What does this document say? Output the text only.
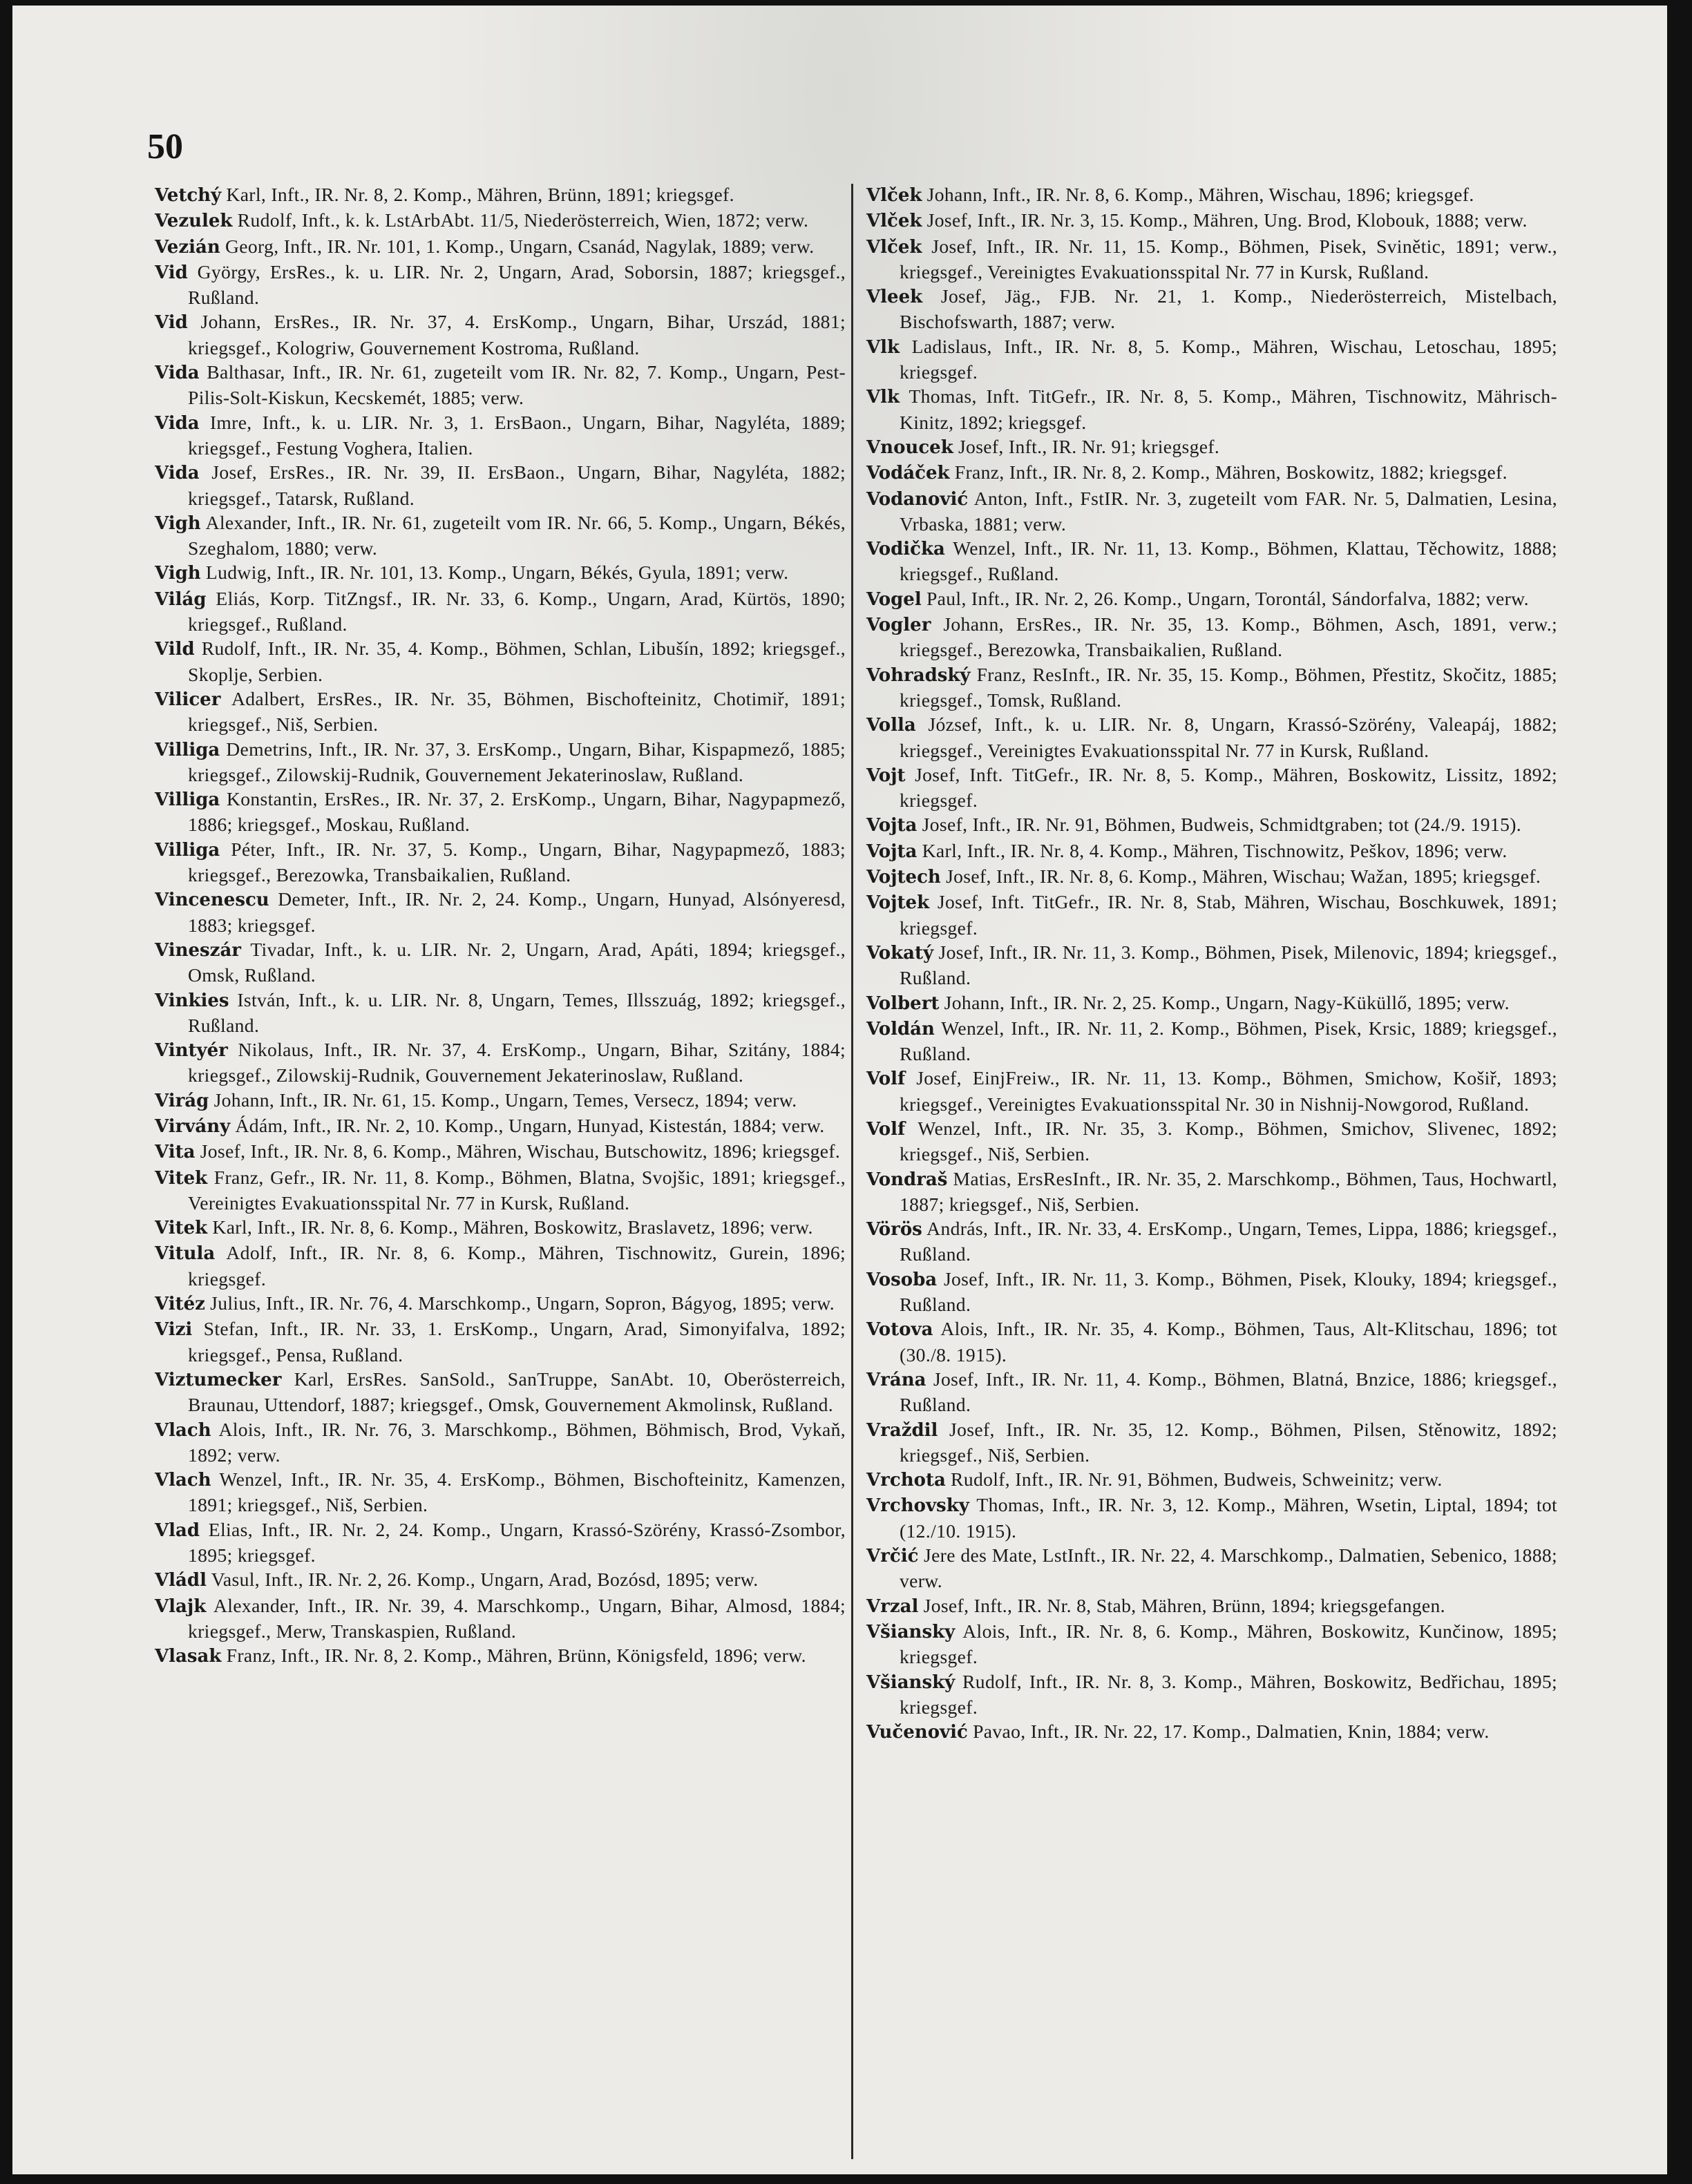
50
Vetchý Karl, Inft., IR. Nr. 8, 2. Komp., Mähren, Brünn, 1891; kriegsgef.
Vezulek Rudolf, Inft., k. k. LstArbAbt. 11/5, Niederösterreich, Wien, 1872; verw.
Vezián Georg, Inft., IR. Nr. 101, 1. Komp., Ungarn, Csanád, Nagylak, 1889; verw.
Vid György, ErsRes., k. u. LIR. Nr. 2, Ungarn, Arad, Soborsin, 1887; kriegsgef., Rußland.
Vid Johann, ErsRes., IR. Nr. 37, 4. ErsKomp., Ungarn, Bihar, Urszád, 1881; kriegsgef., Kologriw, Gouvernement Kostroma, Rußland.
Vida Balthasar, Inft., IR. Nr. 61, zugeteilt vom IR. Nr. 82, 7. Komp., Ungarn, Pest-Pilis-Solt-Kiskun, Kecskemét, 1885; verw.
Vida Imre, Inft., k. u. LIR. Nr. 3, 1. ErsBaon., Ungarn, Bihar, Nagyléta, 1889; kriegsgef., Festung Voghera, Italien.
Vida Josef, ErsRes., IR. Nr. 39, II. ErsBaon., Ungarn, Bihar, Nagyléta, 1882; kriegsgef., Tatarsk, Rußland.
Vigh Alexander, Inft., IR. Nr. 61, zugeteilt vom IR. Nr. 66, 5. Komp., Ungarn, Békés, Szeghalom, 1880; verw.
Vigh Ludwig, Inft., IR. Nr. 101, 13. Komp., Ungarn, Békés, Gyula, 1891; verw.
Világ Eliás, Korp. TitZngsf., IR. Nr. 33, 6. Komp., Ungarn, Arad, Kürtös, 1890; kriegsgef., Rußland.
Vild Rudolf, Inft., IR. Nr. 35, 4. Komp., Böhmen, Schlan, Libušín, 1892; kriegsgef., Skoplje, Serbien.
Vilicer Adalbert, ErsRes., IR. Nr. 35, Böhmen, Bischofteinitz, Chotimiř, 1891; kriegsgef., Niš, Serbien.
Villiga Demetrins, Inft., IR. Nr. 37, 3. ErsKomp., Ungarn, Bihar, Kispapmező, 1885; kriegsgef., Zilowskij-Rudnik, Gouvernement Jekaterinoslaw, Rußland.
Villiga Konstantin, ErsRes., IR. Nr. 37, 2. ErsKomp., Ungarn, Bihar, Nagypapmező, 1886; kriegsgef., Moskau, Rußland.
Villiga Péter, Inft., IR. Nr. 37, 5. Komp., Ungarn, Bihar, Nagypapmező, 1883; kriegsgef., Berezowka, Transbaikalien, Rußland.
Vincenescu Demeter, Inft., IR. Nr. 2, 24. Komp., Ungarn, Hunyad, Alsónyeresd, 1883; kriegsgef.
Vineszár Tivadar, Inft., k. u. LIR. Nr. 2, Ungarn, Arad, Apáti, 1894; kriegsgef., Omsk, Rußland.
Vinkies István, Inft., k. u. LIR. Nr. 8, Ungarn, Temes, Illsszuág, 1892; kriegsgef., Rußland.
Vintyér Nikolaus, Inft., IR. Nr. 37, 4. ErsKomp., Ungarn, Bihar, Szitány, 1884; kriegsgef., Zilowskij-Rudnik, Gouvernement Jekaterinoslaw, Rußland.
Virág Johann, Inft., IR. Nr. 61, 15. Komp., Ungarn, Temes, Versecz, 1894; verw.
Virvány Ádám, Inft., IR. Nr. 2, 10. Komp., Ungarn, Hunyad, Kistestán, 1884; verw.
Vita Josef, Inft., IR. Nr. 8, 6. Komp., Mähren, Wischau, Butschowitz, 1896; kriegsgef.
Vitek Franz, Gefr., IR. Nr. 11, 8. Komp., Böhmen, Blatna, Svojšic, 1891; kriegsgef., Vereinigtes Evakuationsspital Nr. 77 in Kursk, Rußland.
Vitek Karl, Inft., IR. Nr. 8, 6. Komp., Mähren, Boskowitz, Braslavetz, 1896; verw.
Vitula Adolf, Inft., IR. Nr. 8, 6. Komp., Mähren, Tischnowitz, Gurein, 1896; kriegsgef.
Vitéz Julius, Inft., IR. Nr. 76, 4. Marschkomp., Ungarn, Sopron, Bágyog, 1895; verw.
Vizi Stefan, Inft., IR. Nr. 33, 1. ErsKomp., Ungarn, Arad, Simonyifalva, 1892; kriegsgef., Pensa, Rußland.
Viztumecker Karl, ErsRes. SanSold., SanTruppe, SanAbt. 10, Oberösterreich, Braunau, Uttendorf, 1887; kriegsgef., Omsk, Gouvernement Akmolinsk, Rußland.
Vlach Alois, Inft., IR. Nr. 76, 3. Marschkomp., Böhmen, Böhmisch, Brod, Vykaň, 1892; verw.
Vlach Wenzel, Inft., IR. Nr. 35, 4. ErsKomp., Böhmen, Bischofteinitz, Kamenzen, 1891; kriegsgef., Niš, Serbien.
Vlad Elias, Inft., IR. Nr. 2, 24. Komp., Ungarn, Krassó-Szörény, Krassó-Zsombor, 1895; kriegsgef.
Vládl Vasul, Inft., IR. Nr. 2, 26. Komp., Ungarn, Arad, Bozósd, 1895; verw.
Vlajk Alexander, Inft., IR. Nr. 39, 4. Marschkomp., Ungarn, Bihar, Almosd, 1884; kriegsgef., Merw, Transkaspien, Rußland.
Vlasak Franz, Inft., IR. Nr. 8, 2. Komp., Mähren, Brünn, Königsfeld, 1896; verw.
Vlček Johann, Inft., IR. Nr. 8, 6. Komp., Mähren, Wischau, 1896; kriegsgef.
Vlček Josef, Inft., IR. Nr. 3, 15. Komp., Mähren, Ung. Brod, Klobouk, 1888; verw.
Vlček Josef, Inft., IR. Nr. 11, 15. Komp., Böhmen, Pisek, Svinětic, 1891; verw., kriegsgef., Vereinigtes Evakuationsspital Nr. 77 in Kursk, Rußland.
Vleek Josef, Jäg., FJB. Nr. 21, 1. Komp., Niederösterreich, Mistelbach, Bischofswarth, 1887; verw.
Vlk Ladislaus, Inft., IR. Nr. 8, 5. Komp., Mähren, Wischau, Letoschau, 1895; kriegsgef.
Vlk Thomas, Inft. TitGefr., IR. Nr. 8, 5. Komp., Mähren, Tischnowitz, Mährisch-Kinitz, 1892; kriegsgef.
Vnoucek Josef, Inft., IR. Nr. 91; kriegsgef.
Vodáček Franz, Inft., IR. Nr. 8, 2. Komp., Mähren, Boskowitz, 1882; kriegsgef.
Vodanović Anton, Inft., FstIR. Nr. 3, zugeteilt vom FAR. Nr. 5, Dalmatien, Lesina, Vrbaska, 1881; verw.
Vodička Wenzel, Inft., IR. Nr. 11, 13. Komp., Böhmen, Klattau, Těchowitz, 1888; kriegsgef., Rußland.
Vogel Paul, Inft., IR. Nr. 2, 26. Komp., Ungarn, Torontál, Sándorfalva, 1882; verw.
Vogler Johann, ErsRes., IR. Nr. 35, 13. Komp., Böhmen, Asch, 1891, verw.; kriegsgef., Berezowka, Transbaikalien, Rußland.
Vohradský Franz, ResInft., IR. Nr. 35, 15. Komp., Böhmen, Přestitz, Skočitz, 1885; kriegsgef., Tomsk, Rußland.
Volla József, Inft., k. u. LIR. Nr. 8, Ungarn, Krassó-Szörény, Valeapáj, 1882; kriegsgef., Vereinigtes Evakuationsspital Nr. 77 in Kursk, Rußland.
Vojt Josef, Inft. TitGefr., IR. Nr. 8, 5. Komp., Mähren, Boskowitz, Lissitz, 1892; kriegsgef.
Vojta Josef, Inft., IR. Nr. 91, Böhmen, Budweis, Schmidtgraben; tot (24./9. 1915).
Vojta Karl, Inft., IR. Nr. 8, 4. Komp., Mähren, Tischnowitz, Peškov, 1896; verw.
Vojtech Josef, Inft., IR. Nr. 8, 6. Komp., Mähren, Wischau; Wažan, 1895; kriegsgef.
Vojtek Josef, Inft. TitGefr., IR. Nr. 8, Stab, Mähren, Wischau, Boschkuwek, 1891; kriegsgef.
Vokatý Josef, Inft., IR. Nr. 11, 3. Komp., Böhmen, Pisek, Milenovic, 1894; kriegsgef., Rußland.
Volbert Johann, Inft., IR. Nr. 2, 25. Komp., Ungarn, Nagy-Küküllő, 1895; verw.
Voldán Wenzel, Inft., IR. Nr. 11, 2. Komp., Böhmen, Pisek, Krsic, 1889; kriegsgef., Rußland.
Volf Josef, EinjFreiw., IR. Nr. 11, 13. Komp., Böhmen, Smichow, Košiř, 1893; kriegsgef., Vereinigtes Evakuationsspital Nr. 30 in Nishnij-Nowgorod, Rußland.
Volf Wenzel, Inft., IR. Nr. 35, 3. Komp., Böhmen, Smichov, Slivenec, 1892; kriegsgef., Niš, Serbien.
Vondraš Matias, ErsResInft., IR. Nr. 35, 2. Marschkomp., Böhmen, Taus, Hochwartl, 1887; kriegsgef., Niš, Serbien.
Vörös András, Inft., IR. Nr. 33, 4. ErsKomp., Ungarn, Temes, Lippa, 1886; kriegsgef., Rußland.
Vosoba Josef, Inft., IR. Nr. 11, 3. Komp., Böhmen, Pisek, Klouky, 1894; kriegsgef., Rußland.
Votova Alois, Inft., IR. Nr. 35, 4. Komp., Böhmen, Taus, Alt-Klitschau, 1896; tot (30./8. 1915).
Vrána Josef, Inft., IR. Nr. 11, 4. Komp., Böhmen, Blatná, Bnzice, 1886; kriegsgef., Rußland.
Vraždil Josef, Inft., IR. Nr. 35, 12. Komp., Böhmen, Pilsen, Stěnowitz, 1892; kriegsgef., Niš, Serbien.
Vrchota Rudolf, Inft., IR. Nr. 91, Böhmen, Budweis, Schweinitz; verw.
Vrchovsky Thomas, Inft., IR. Nr. 3, 12. Komp., Mähren, Wsetin, Liptal, 1894; tot (12./10. 1915).
Vrčić Jere des Mate, LstInft., IR. Nr. 22, 4. Marschkomp., Dalmatien, Sebenico, 1888; verw.
Vrzal Josef, Inft., IR. Nr. 8, Stab, Mähren, Brünn, 1894; kriegsgefangen.
Všiansky Alois, Inft., IR. Nr. 8, 6. Komp., Mähren, Boskowitz, Kunčinow, 1895; kriegsgef.
Všianský Rudolf, Inft., IR. Nr. 8, 3. Komp., Mähren, Boskowitz, Bedřichau, 1895; kriegsgef.
Vučenović Pavao, Inft., IR. Nr. 22, 17. Komp., Dalmatien, Knin, 1884; verw.
